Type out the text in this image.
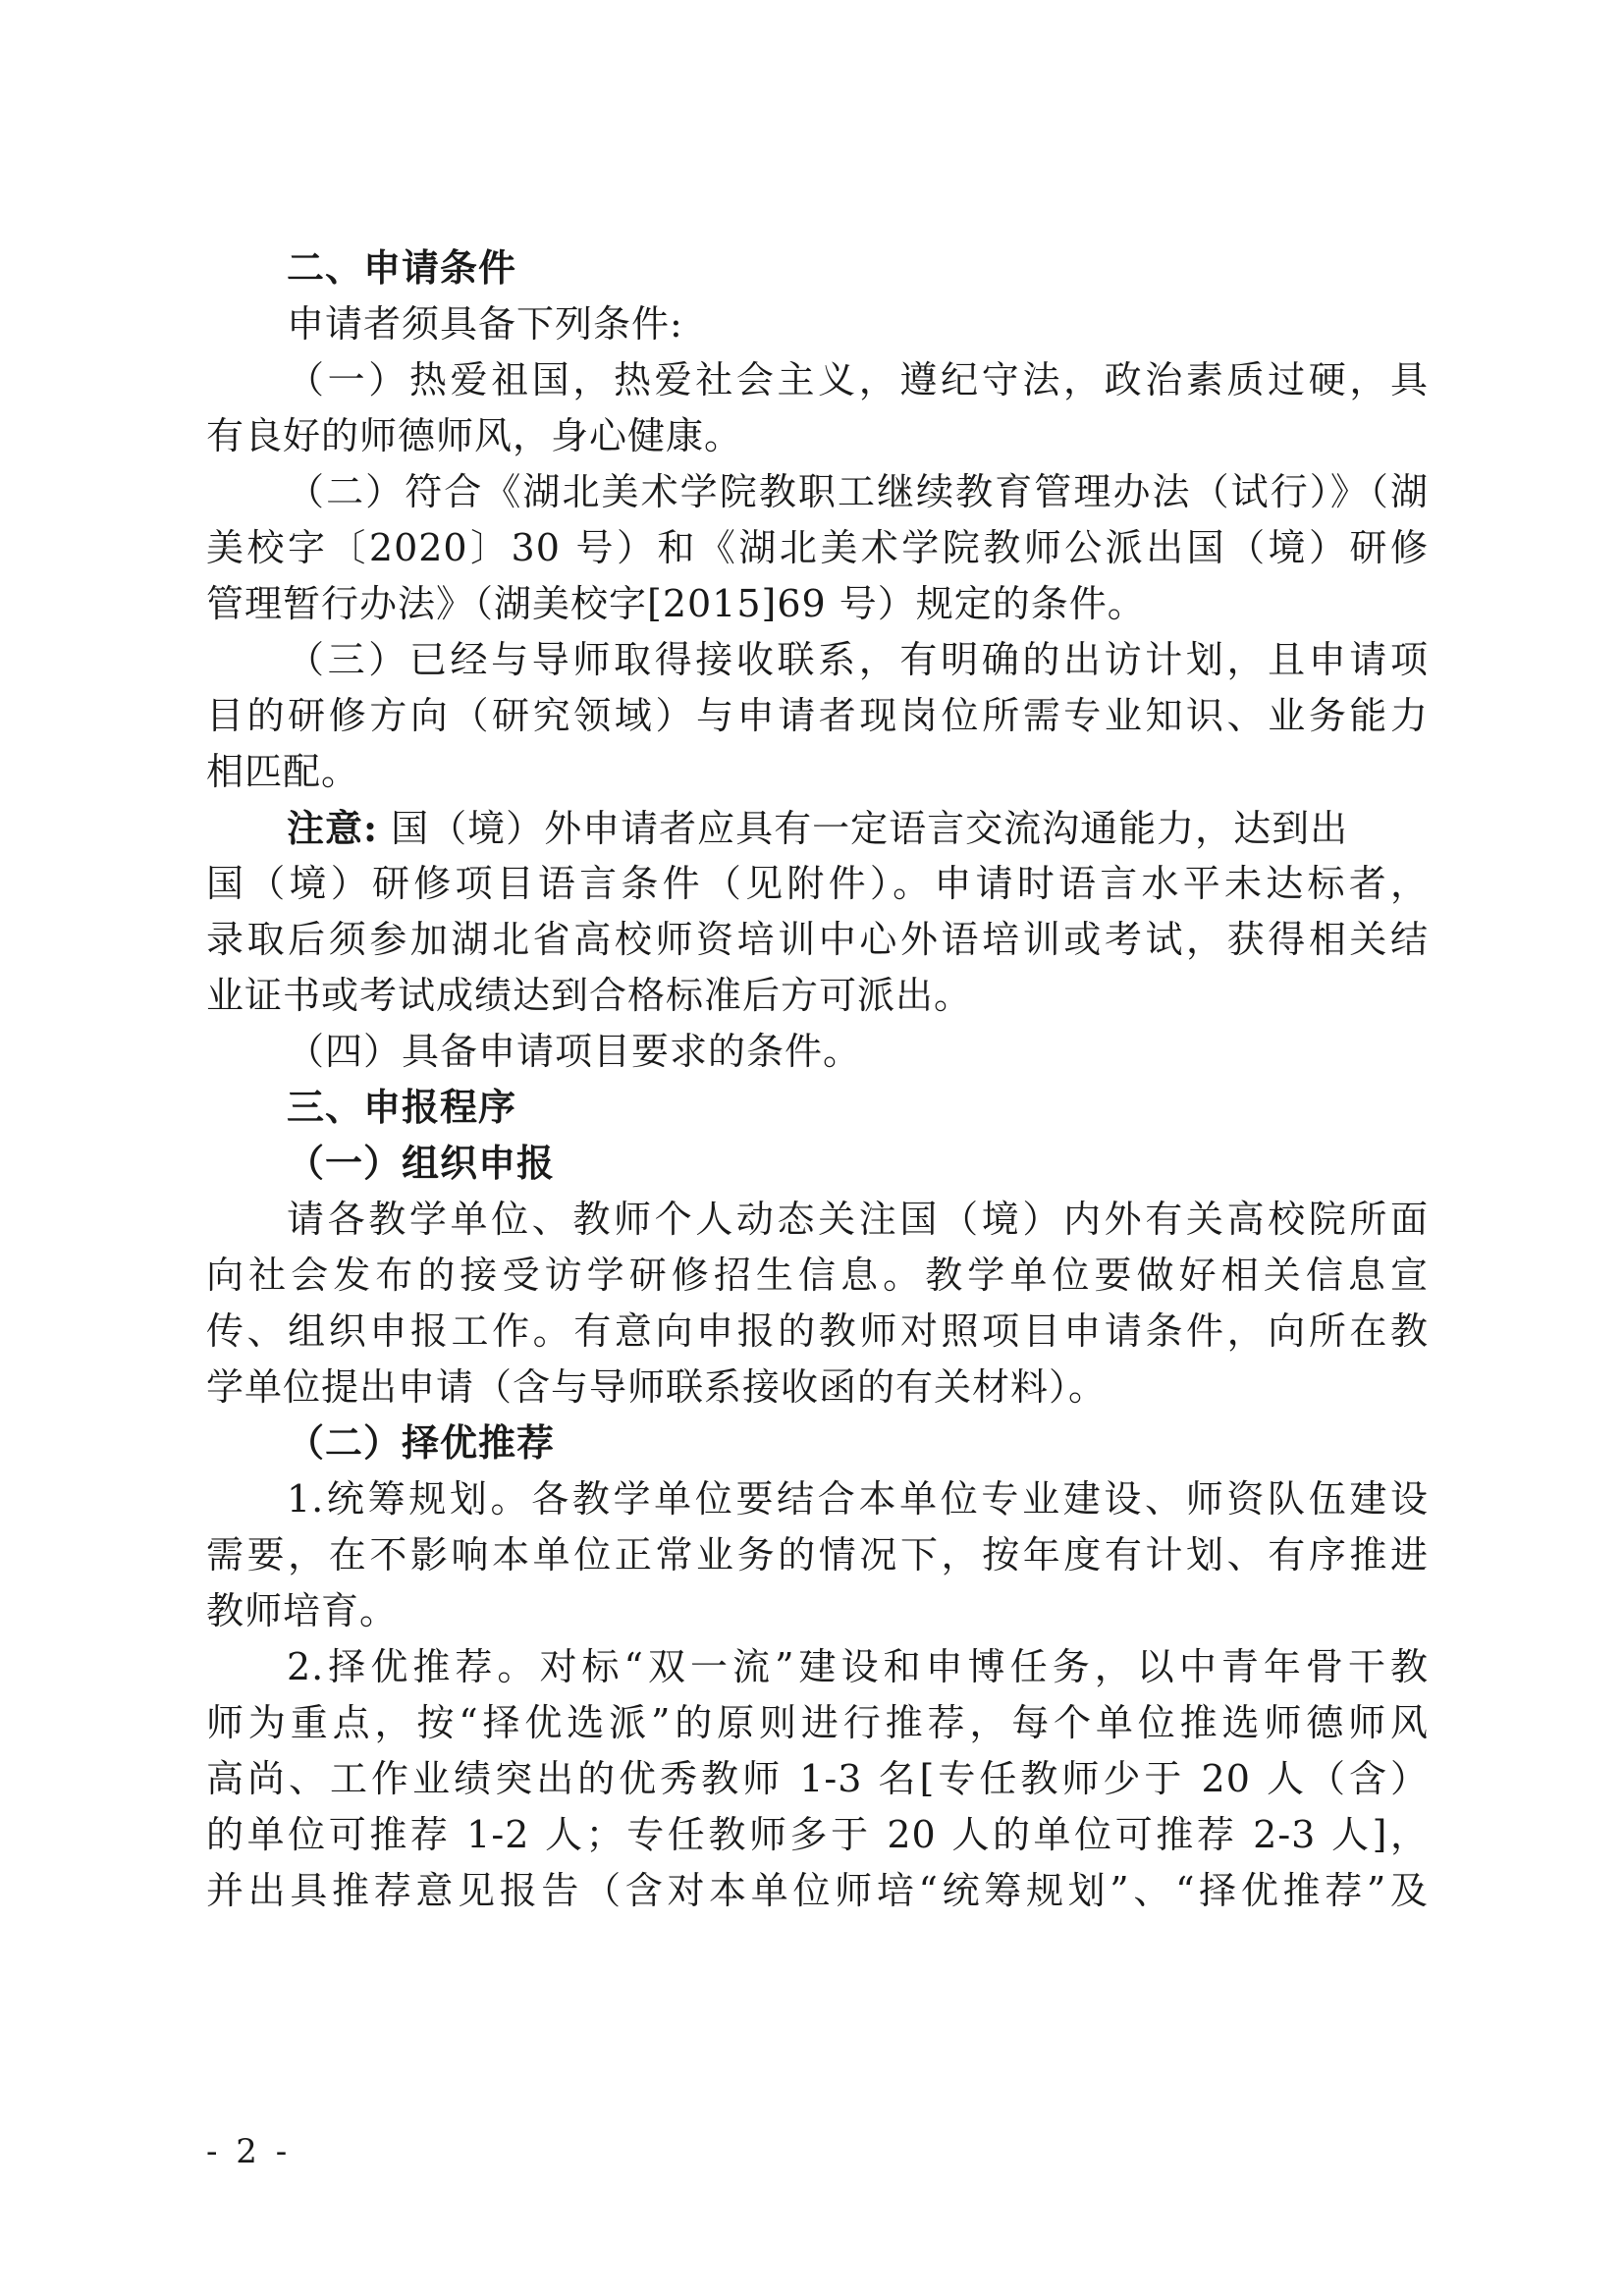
二、申请条件
申请者须具备下列条件:
（一）热爱祖国，热爱社会主义，遵纪守法，政治素质过硬，具
有良好的师德师风，身心健康。
（二）符合《湖北美术学院教职工继续教育管理办法（试行）》（湖
美校字〔2020〕30 号）和《湖北美术学院教师公派出国（境）研修
管理暂行办法》（湖美校字[2015]69 号）规定的条件。
（三）已经与导师取得接收联系，有明确的出访计划，且申请项
目的研修方向（研究领域）与申请者现岗位所需专业知识、业务能力
相匹配。
注意: 国（境）外申请者应具有一定语言交流沟通能力，达到出
国（境）研修项目语言条件（见附件）。申请时语言水平未达标者，
录取后须参加湖北省高校师资培训中心外语培训或考试，获得相关结
业证书或考试成绩达到合格标准后方可派出。
（四）具备申请项目要求的条件。
三、申报程序
（一）组织申报
请各教学单位、教师个人动态关注国（境）内外有关高校院所面
向社会发布的接受访学研修招生信息。教学单位要做好相关信息宣
传、组织申报工作。有意向申报的教师对照项目申请条件，向所在教
学单位提出申请（含与导师联系接收函的有关材料）。
（二）择优推荐
1.统筹规划。各教学单位要结合本单位专业建设、师资队伍建设
需要，在不影响本单位正常业务的情况下，按年度有计划、有序推进
教师培育。
2.择优推荐。对标“双一流”建设和申博任务，以中青年骨干教
师为重点，按“择优选派”的原则进行推荐，每个单位推选师德师风
高尚、工作业绩突出的优秀教师 1-3 名[专任教师少于 20 人（含）
的单位可推荐 1-2 人；专任教师多于 20 人的单位可推荐 2-3 人]，
并出具推荐意见报告（含对本单位师培“统筹规划”、“择优推荐”及
- 2 -
